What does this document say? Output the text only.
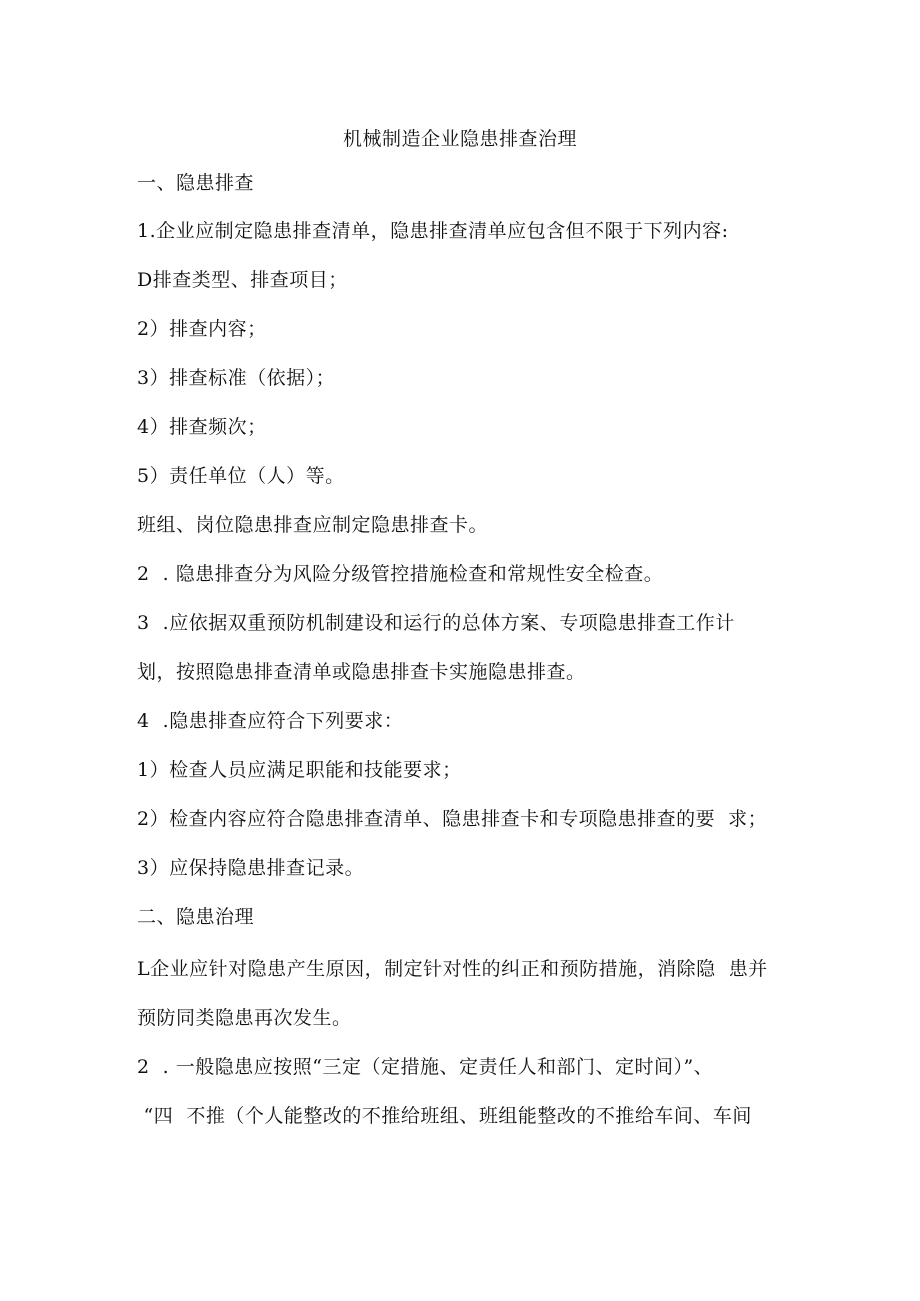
机械制造企业隐患排查治理
一、隐患排查
1.企业应制定隐患排查清单，隐患排查清单应包含但不限于下列内容:
D排查类型、排查项目；
2）排查内容；
3）排查标准（依据）；
4）排查频次；
5）责任单位（人）等。
班组、岗位隐患排查应制定隐患排查卡。
2  . 隐患排查分为风险分级管控措施检查和常规性安全检查。
3  .应依据双重预防机制建设和运行的总体方案、专项隐患排查工作计
划，按照隐患排查清单或隐患排查卡实施隐患排查。
4  .隐患排查应符合下列要求：
1）检查人员应满足职能和技能要求；
2）检查内容应符合隐患排查清单、隐患排查卡和专项隐患排查的要  求；
3）应保持隐患排查记录。
二、隐患治理
L企业应针对隐患产生原因，制定针对性的纠正和预防措施，消除隐  患并
预防同类隐患再次发生。
2  . 一般隐患应按照“三定（定措施、定责任人和部门、定时间）”、
“四  不推（个人能整改的不推给班组、班组能整改的不推给车间、车间
